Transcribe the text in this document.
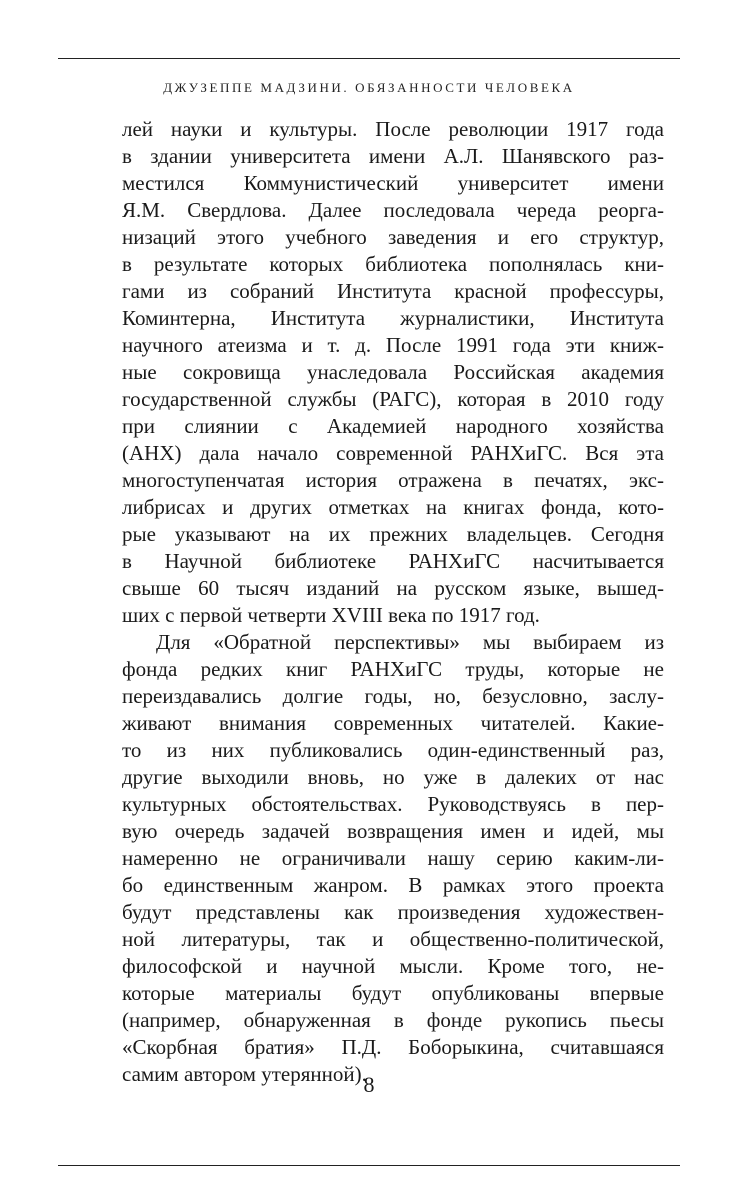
ДЖУЗЕППЕ МАДЗИНИ. ОБЯЗАННОСТИ ЧЕЛОВЕКА
лей науки и культуры. После революции 1917 года
в здании университета имени А.Л. Шанявского раз-
местился Коммунистический университет имени
Я.М. Свердлова. Далее последовала череда реорга-
низаций этого учебного заведения и его структур,
в результате которых библиотека пополнялась кни-
гами из собраний Института красной профессуры,
Коминтерна, Института журналистики, Института
научного атеизма и т. д. После 1991 года эти книж-
ные сокровища унаследовала Российская академия
государственной службы (РАГС), которая в 2010 году
при слиянии с Академией народного хозяйства
(АНХ) дала начало современной РАНХиГС. Вся эта
многоступенчатая история отражена в печатях, экс-
либрисах и других отметках на книгах фонда, кото-
рые указывают на их прежних владельцев. Сегодня
в Научной библиотеке РАНХиГС насчитывается
свыше 60 тысяч изданий на русском языке, вышед-
ших с первой четверти XVIII века по 1917 год.
Для «Обратной перспективы» мы выбираем из
фонда редких книг РАНХиГС труды, которые не
переиздавались долгие годы, но, безусловно, заслу-
живают внимания современных читателей. Какие-
то из них публиковались один-единственный раз,
другие выходили вновь, но уже в далеких от нас
культурных обстоятельствах. Руководствуясь в пер-
вую очередь задачей возвращения имен и идей, мы
намеренно не ограничивали нашу серию каким-ли-
бо единственным жанром. В рамках этого проекта
будут представлены как произведения художествен-
ной литературы, так и общественно-политической,
философской и научной мысли. Кроме того, не-
которые материалы будут опубликованы впервые
(например, обнаруженная в фонде рукопись пьесы
«Скорбная братия» П.Д. Боборыкина, считавшаяся
самим автором утерянной).
8
